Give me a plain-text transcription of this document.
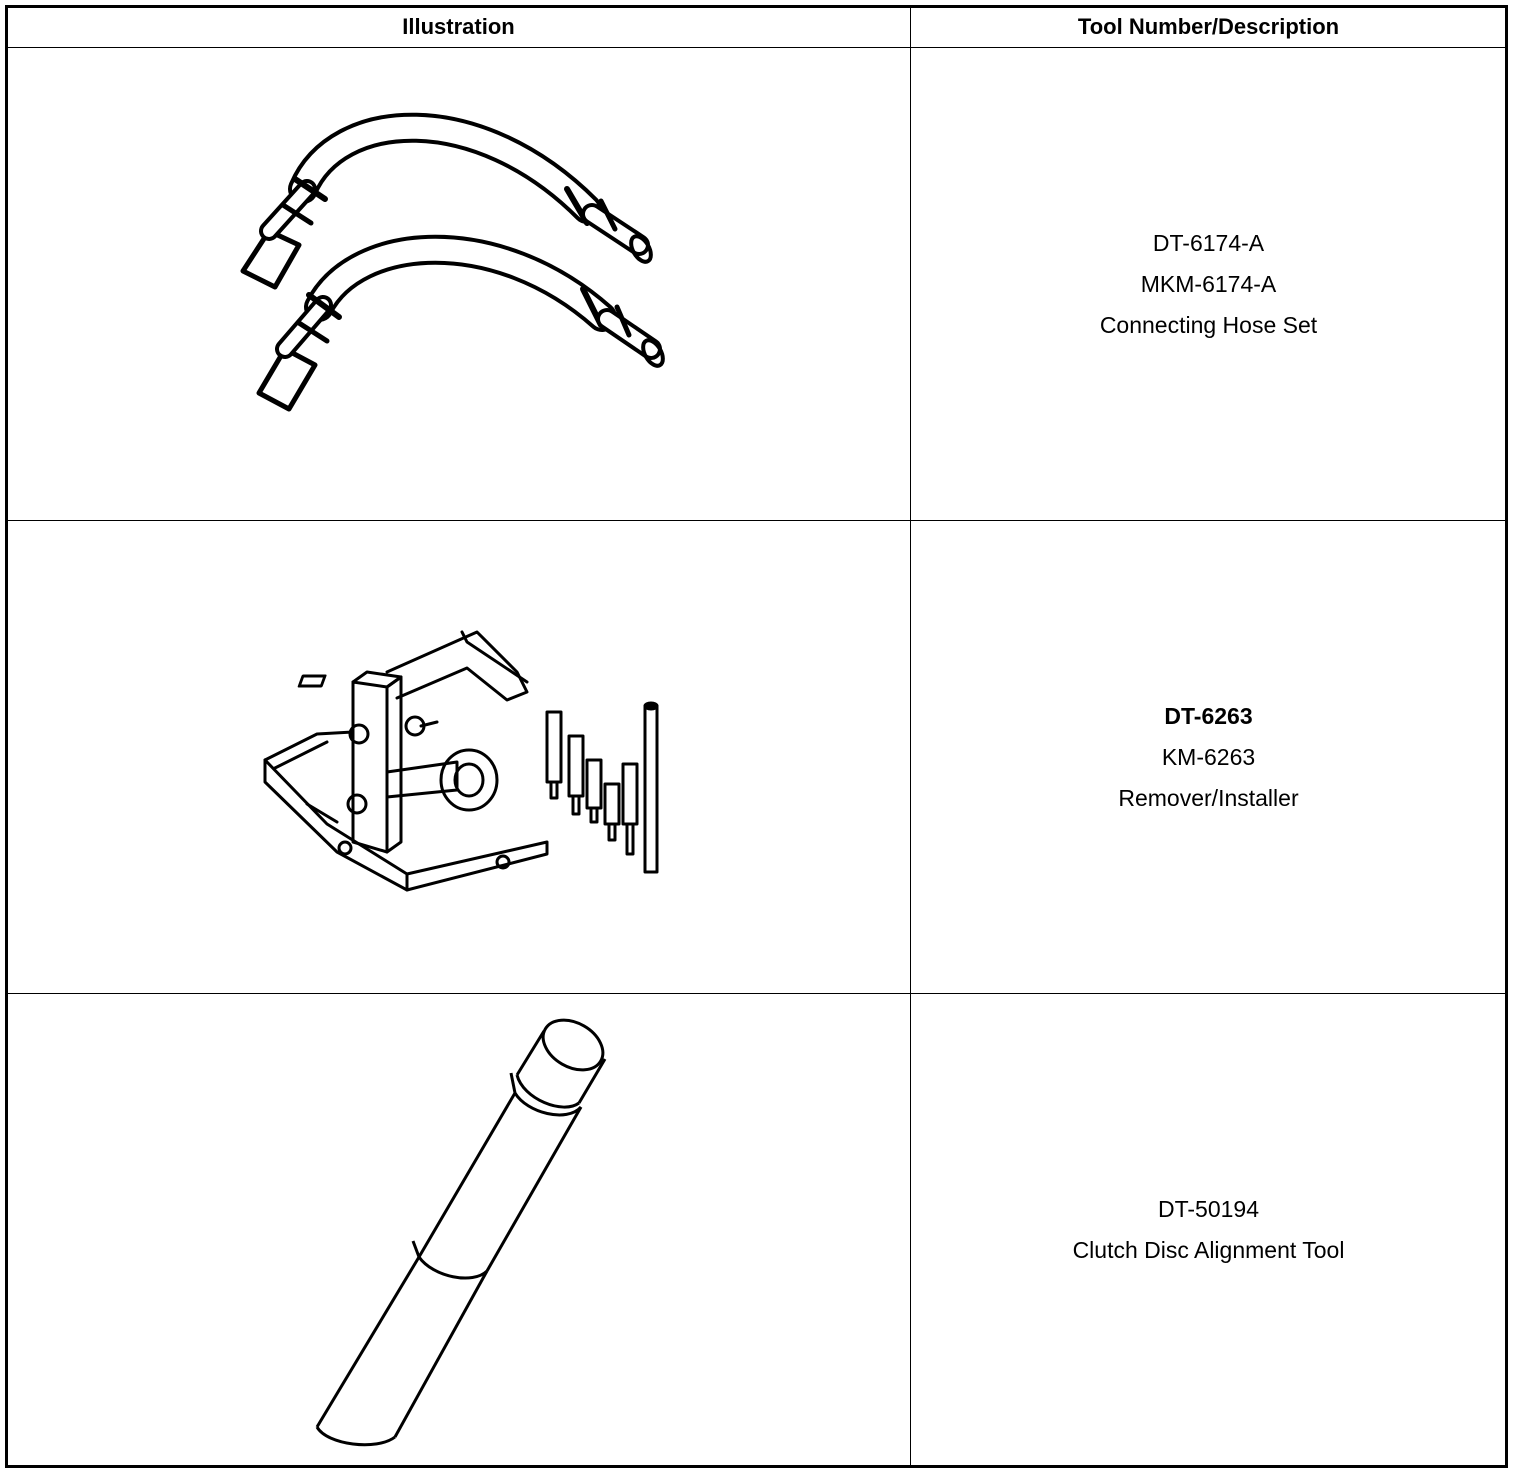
Illustration	Tool Number/Description

DT-6174-A
MKM-6174-A
Connecting Hose Set

DT-6263
KM-6263
Remover/Installer

DT-50194
Clutch Disc Alignment Tool
